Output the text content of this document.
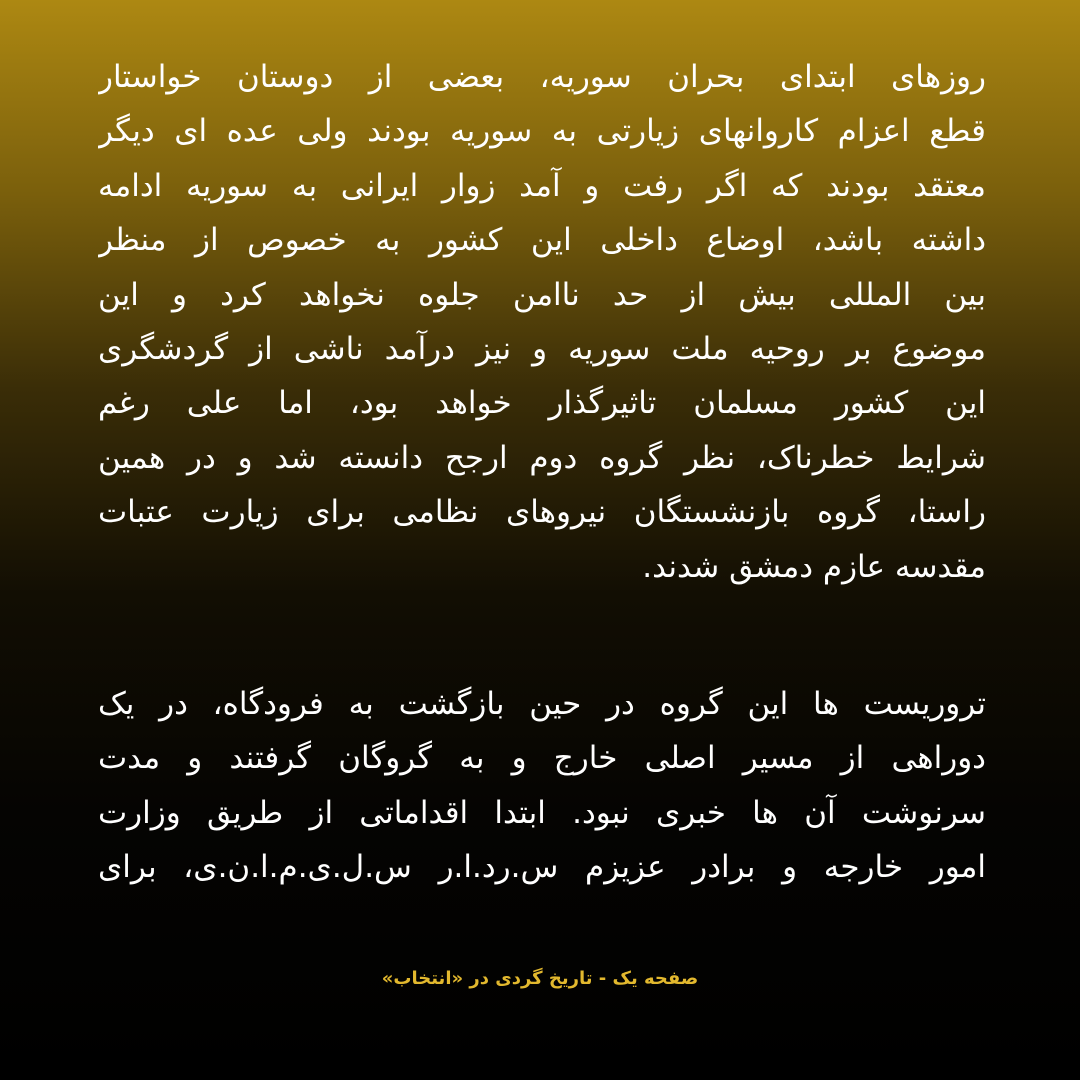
روزهای ابتدای بحران سوریه، بعضی از دوستان خواستار
قطع اعزام کاروانهای زیارتی به سوریه بودند ولی عده ای دیگر
معتقد بودند که اگر رفت و آمد زوار ایرانی به سوریه ادامه
داشته باشد، اوضاع داخلی این کشور به خصوص از منظر
بین المللی بیش از حد ناامن جلوه نخواهد کرد و این
موضوع بر روحیه ملت سوریه و نیز درآمد ناشی از گردشگری
این کشور مسلمان تاثیرگذار خواهد بود، اما علی رغم
شرایط خطرناک، نظر گروه دوم ارجح دانسته شد و در همین
راستا، گروه بازنشستگان نیروهای نظامی برای زیارت عتبات
مقدسه عازم دمشق شدند.
تروریست ها این گروه در حین بازگشت به فرودگاه، در یک
دوراهی از مسیر اصلی خارج و به گروگان گرفتند و مدت
سرنوشت آن ها خبری نبود. ابتدا اقداماتی از طریق وزارت
امور خارجه و برادر عزیزم س.رد.ا.ر س.ل.ی.م.ا.ن.ی، برای
صفحه یک - تاریخ گردی در «انتخاب»
